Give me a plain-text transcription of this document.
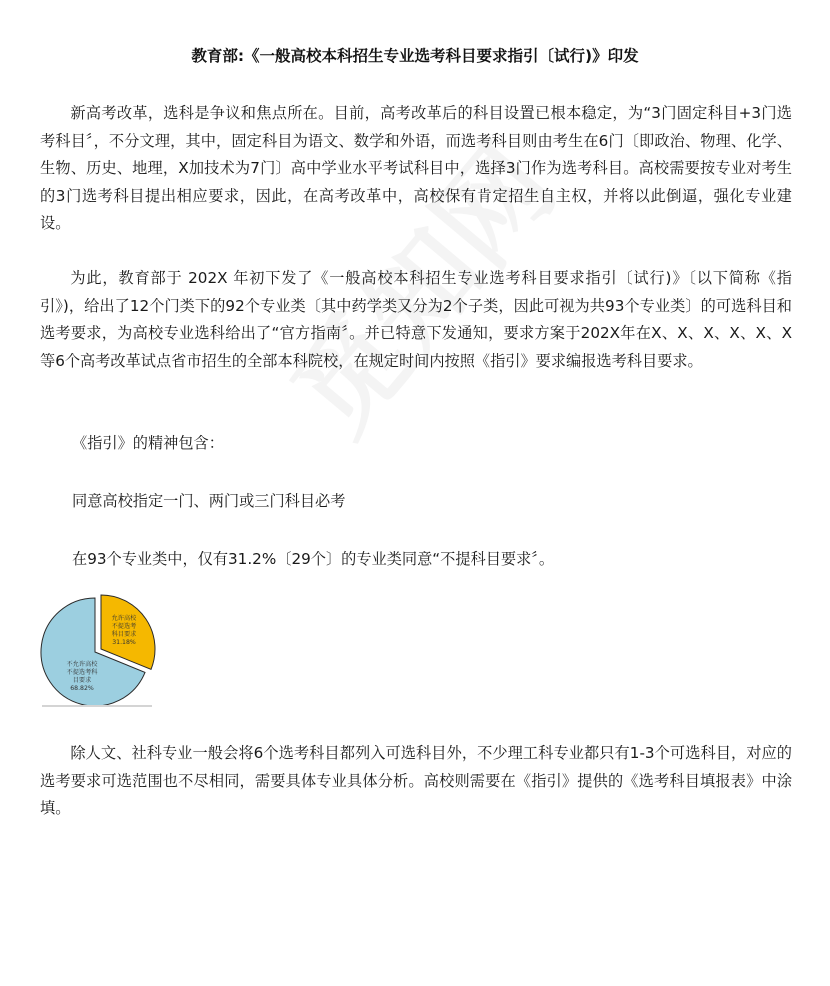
教育部:《一般高校本科招生专业选考科目要求指引〔试行)》印发

新高考改革，选科是争议和焦点所在。目前，高考改革后的科目设置已根本稳定，为“3门固定科目+3门选考科目〞，不分文理，其中，固定科目为语文、数学和外语，而选考科目则由考生在6门〔即政治、物理、化学、生物、历史、地理，X加技术为7门〕高中学业水平考试科目中，选择3门作为选考科目。高校需要按专业对考生的3门选考科目提出相应要求，因此，在高考改革中，高校保有肯定招生自主权，并将以此倒逼，强化专业建设。

为此，教育部于 202X 年初下发了《一般高校本科招生专业选考科目要求指引〔试行)》〔以下简称《指引》)，给出了12个门类下的92个专业类〔其中药学类又分为2个子类，因此可视为共93个专业类〕的可选科目和选考要求，为高校专业选科给出了“官方指南〞。并已特意下发通知，要求方案于202X年在X、X、X、X、X、X等6个高考改革试点省市招生的全部本科院校，在规定时间内按照《指引》要求编报选考科目要求。

《指引》的精神包含：
同意高校指定一门、两门或三门科目必考
在93个专业类中，仅有31.2%〔29个〕的专业类同意“不提科目要求〞。
允许高校
不提选考
科目要求
31.18%
不允许高校
不提选考科
目要求
68.82%

除人文、社科专业一般会将6个选考科目都列入可选科目外，不少理工科专业都只有1-3个可选科目，对应的选考要求可选范围也不尽相同，需要具体专业具体分析。高校则需要在《指引》提供的《选考科目填报表》中涂填。
